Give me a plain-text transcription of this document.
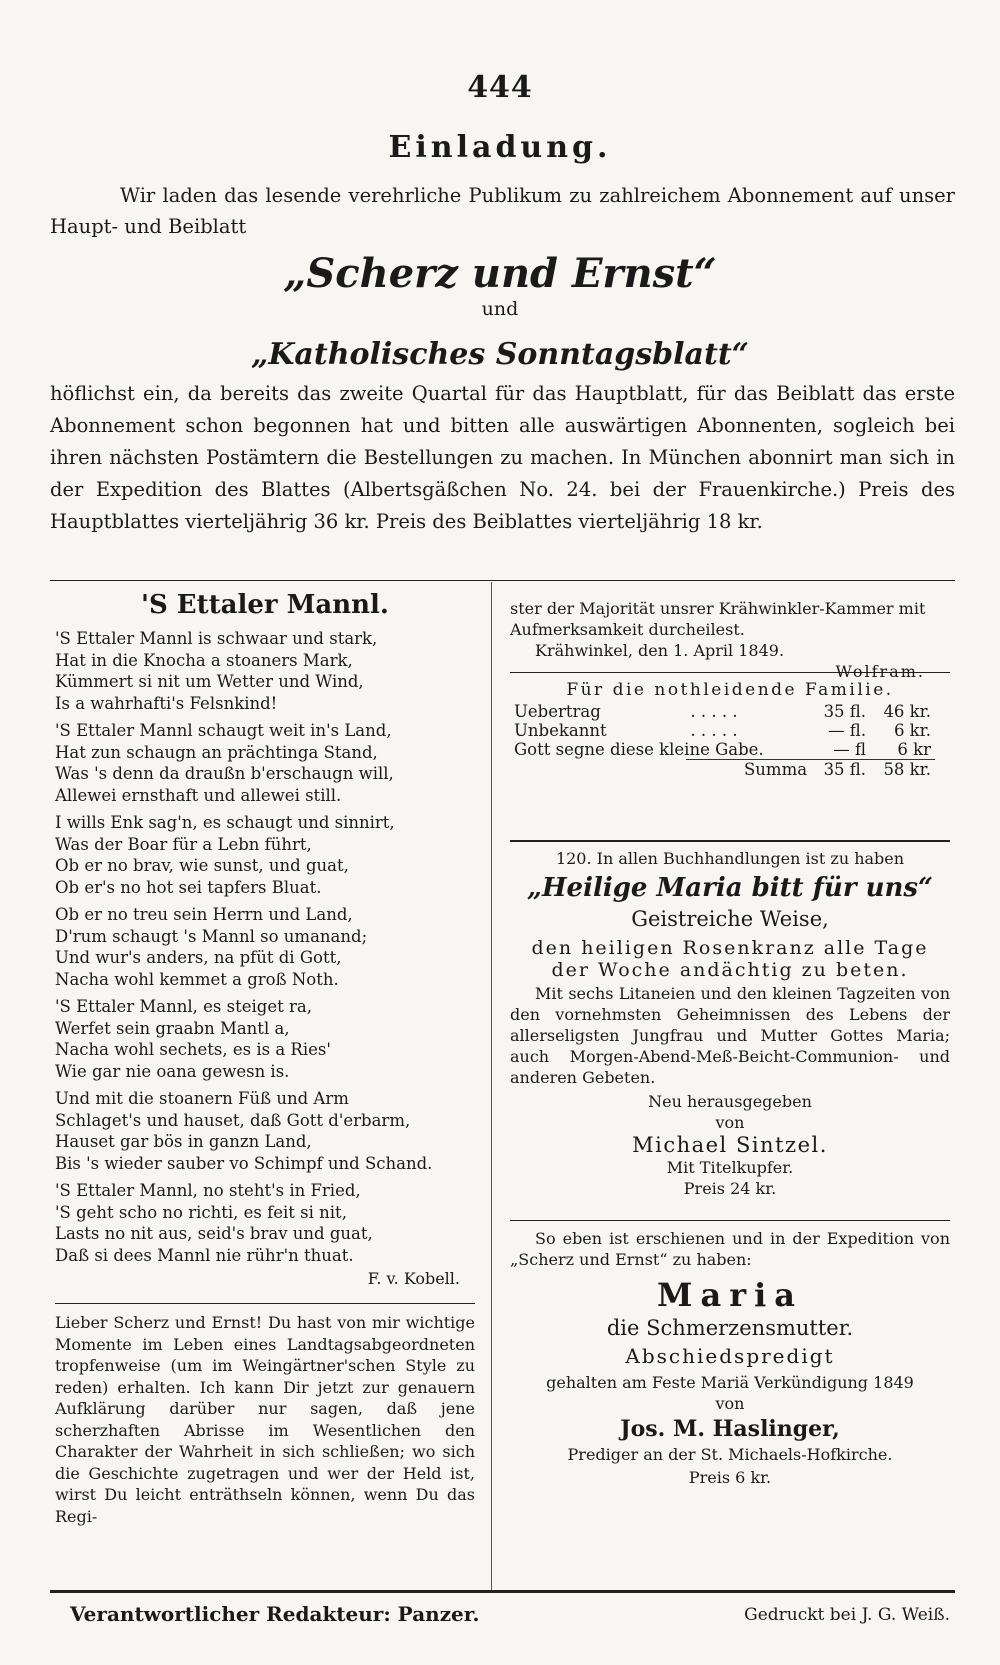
444
Einladung.
Wir laden das lesende verehrliche Publikum zu zahlreichem Abonnement auf unser Haupt- und Beiblatt
„Scherz und Ernst“
und
„Katholisches Sonntagsblatt“
höflichst ein, da bereits das zweite Quartal für das Hauptblatt, für das Beiblatt das erste Abonnement schon begonnen hat und bitten alle auswärtigen Abonnenten, sogleich bei ihren nächsten Postämtern die Bestellungen zu machen. In München abonnirt man sich in der Expedition des Blattes (Albertsgäßchen No. 24. bei der Frauenkirche.) Preis des Hauptblattes vierteljährig 36 kr. Preis des Beiblattes vierteljährig 18 kr.
'S Ettaler Mannl.
'S Ettaler Mannl is schwaar und stark,
Hat in die Knocha a stoaners Mark,
Kümmert si nit um Wetter und Wind,
Is a wahrhafti's Felsnkind!
'S Ettaler Mannl schaugt weit in's Land,
Hat zun schaugn an prächtinga Stand,
Was 's denn da draußn b'erschaugn will,
Allewei ernsthaft und allewei still.
I wills Enk sag'n, es schaugt und sinnirt,
Was der Boar für a Lebn führt,
Ob er no brav, wie sunst, und guat,
Ob er's no hot sei tapfers Bluat.
Ob er no treu sein Herrn und Land,
D'rum schaugt 's Mannl so umanand;
Und wur's anders, na pfüt di Gott,
Nacha wohl kemmet a groß Noth.
'S Ettaler Mannl, es steiget ra,
Werfet sein graabn Mantl a,
Nacha wohl sechets, es is a Ries'
Wie gar nie oana gewesn is.
Und mit die stoanern Füß und Arm
Schlaget's und hauset, daß Gott d'erbarm,
Hauset gar bös in ganzn Land,
Bis 's wieder sauber vo Schimpf und Schand.
'S Ettaler Mannl, no steht's in Fried,
'S geht scho no richti, es feit si nit,
Lasts no nit aus, seid's brav und guat,
Daß si dees Mannl nie rühr'n thuat.
F. v. Kobell.
Lieber Scherz und Ernst! Du hast von mir wichtige Momente im Leben eines Landtagsabgeordneten tropfenweise (um im Weingärtner'schen Style zu reden) erhalten. Ich kann Dir jetzt zur genauern Aufklärung darüber nur sagen, daß jene scherzhaften Abrisse im Wesentlichen den Charakter der Wahrheit in sich schließen; wo sich die Geschichte zugetragen und wer der Held ist, wirst Du leicht enträthseln können, wenn Du das Regi-
ster der Majorität unsrer Krähwinkler-Kammer mit Aufmerksamkeit durcheilest.
Krähwinkel, den 1. April 1849.
Wolfram.
Für die nothleidende Familie.
Uebertrag	. . . . .	35 fl.	46 kr.
Unbekannt	. . . . .	— fl.	6 kr.
Gott segne diese kleine Gabe.		— fl	6 kr
	Summa	35 fl.	58 kr.
120. In allen Buchhandlungen ist zu haben
„Heilige Maria bitt für uns“
Geistreiche Weise,
den heiligen Rosenkranz alle Tage
der Woche andächtig zu beten.
Mit sechs Litaneien und den kleinen Tagzeiten von den vornehmsten Geheimnissen des Lebens der allerseligsten Jungfrau und Mutter Gottes Maria; auch Morgen-Abend-Meß-Beicht-Communion- und anderen Gebeten.
Neu herausgegeben
von
Michael Sintzel.
Mit Titelkupfer.
Preis 24 kr.
So eben ist erschienen und in der Expedition von „Scherz und Ernst“ zu haben:
Maria
die Schmerzensmutter.
Abschiedspredigt
gehalten am Feste Mariä Verkündigung 1849
von
Jos. M. Haslinger,
Prediger an der St. Michaels-Hofkirche.
Preis 6 kr.
Verantwortlicher Redakteur: Panzer.	Gedruckt bei J. G. Weiß.
